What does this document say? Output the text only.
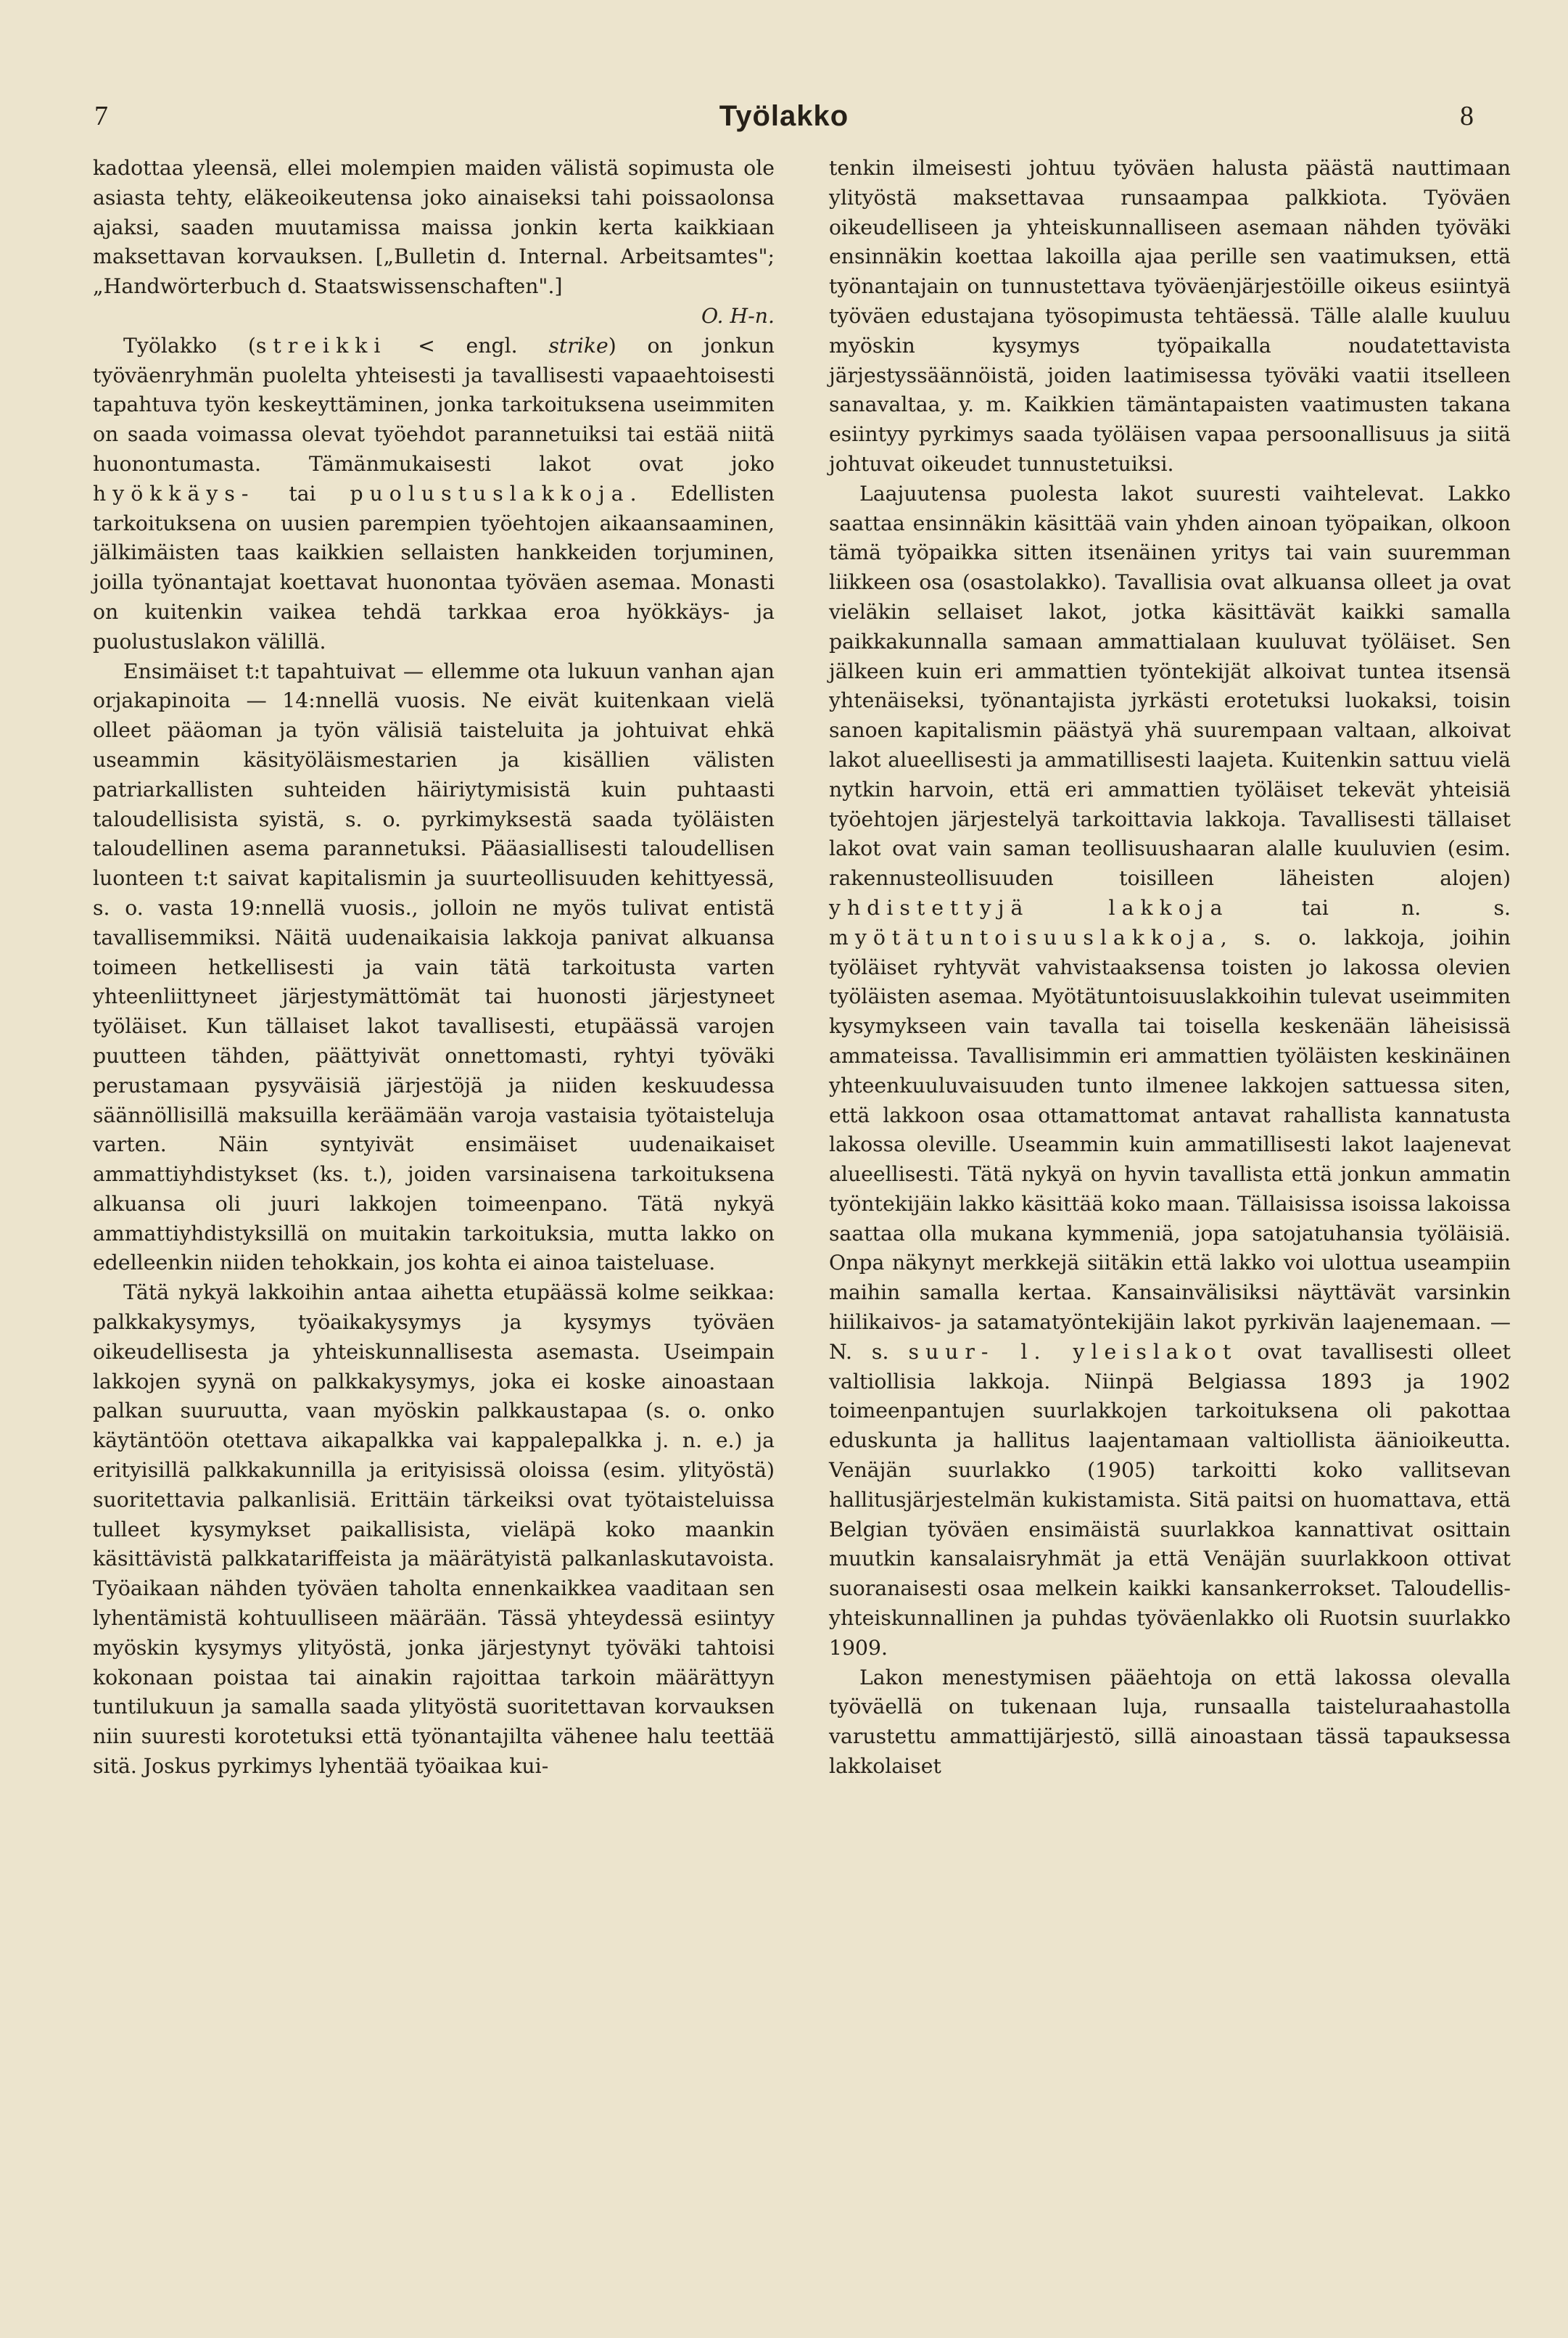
7	Työlakko	8

kadottaa yleensä, ellei molempien maiden välistä sopimusta ole asiasta tehty, eläkeoikeutensa joko ainaiseksi tahi poissaolonsa ajaksi, saaden muutamissa maissa jonkin kerta kaikkiaan maksettavan korvauksen. [„Bulletin d. Internal. Arbeitsamtes"; „Handwörterbuch d. Staatswissenschaften".]
O. H-n.

Työlakko (streikki < engl. strike) on jonkun työväenryhmän puolelta yhteisesti ja tavallisesti vapaaehtoisesti tapahtuva työn keskeyttäminen, jonka tarkoituksena useimmiten on saada voimassa olevat työehdot parannetuiksi tai estää niitä huonontumasta. Tämänmukaisesti lakot ovat joko hyökkäys- tai puolustuslakkoja. Edellisten tarkoituksena on uusien parempien työehtojen aikaansaaminen, jälkimäisten taas kaikkien sellaisten hankkeiden torjuminen, joilla työnantajat koettavat huonontaa työväen asemaa. Monasti on kuitenkin vaikea tehdä tarkkaa eroa hyökkäys- ja puolustuslakon välillä.

Ensimäiset t:t tapahtuivat — ellemme ota lukuun vanhan ajan orjakapinoita — 14:nnellä vuosis. Ne eivät kuitenkaan vielä olleet pääoman ja työn välisiä taisteluita ja johtuivat ehkä useammin käsityöläismestarien ja kisällien välisten patriarkallisten suhteiden häiriytymisistä kuin puhtaasti taloudellisista syistä, s. o. pyrkimyksestä saada työläisten taloudellinen asema parannetuksi. Pääasiallisesti taloudellisen luonteen t:t saivat kapitalismin ja suurteollisuuden kehittyessä, s. o. vasta 19:nnellä vuosis., jolloin ne myös tulivat entistä tavallisemmiksi. Näitä uudenaikaisia lakkoja panivat alkuansa toimeen hetkellisesti ja vain tätä tarkoitusta varten yhteenliittyneet järjestymättömät tai huonosti järjestyneet työläiset. Kun tällaiset lakot tavallisesti, etupäässä varojen puutteen tähden, päättyivät onnettomasti, ryhtyi työväki perustamaan pysyväisiä järjestöjä ja niiden keskuudessa säännöllisillä maksuilla keräämään varoja vastaisia työtaisteluja varten. Näin syntyivät ensimäiset uudenaikaiset ammattiyhdistykset (ks. t.), joiden varsinaisena tarkoituksena alkuansa oli juuri lakkojen toimeenpano. Tätä nykyä ammattiyhdistyksillä on muitakin tarkoituksia, mutta lakko on edelleenkin niiden tehokkain, jos kohta ei ainoa taisteluase.

Tätä nykyä lakkoihin antaa aihetta etupäässä kolme seikkaa: palkkakysymys, työaikakysymys ja kysymys työväen oikeudellisesta ja yhteiskunnallisesta asemasta. Useimpain lakkojen syynä on palkkakysymys, joka ei koske ainoastaan palkan suuruutta, vaan myöskin palkkaustapaa (s. o. onko käytäntöön otettava aikapalkka vai kappalepalkka j. n. e.) ja erityisillä palkkakunnilla ja erityisissä oloissa (esim. ylityöstä) suoritettavia palkanlisiä. Erittäin tärkeiksi ovat työtaisteluissa tulleet kysymykset paikallisista, vieläpä koko maankin käsittävistä palkkatariffeista ja määrätyistä palkanlaskutavoista. Työaikaan nähden työväen taholta ennenkaikkea vaaditaan sen lyhentämistä kohtuulliseen määrään. Tässä yhteydessä esiintyy myöskin kysymys ylityöstä, jonka järjestynyt työväki tahtoisi kokonaan poistaa tai ainakin rajoittaa tarkoin määrättyyn tuntilukuun ja samalla saada ylityöstä suoritettavan korvauksen niin suuresti korotetuksi että työnantajilta vähenee halu teettää sitä. Joskus pyrkimys lyhentää työaikaa kui-

tenkin ilmeisesti johtuu työväen halusta päästä nauttimaan ylityöstä maksettavaa runsaampaa palkkiota. Työväen oikeudelliseen ja yhteiskunnalliseen asemaan nähden työväki ensinnäkin koettaa lakoilla ajaa perille sen vaatimuksen, että työnantajain on tunnustettava työväenjärjestöille oikeus esiintyä työväen edustajana työsopimusta tehtäessä. Tälle alalle kuuluu myöskin kysymys työpaikalla noudatettavista järjestyssäännöistä, joiden laatimisessa työväki vaatii itselleen sanavaltaa, y. m. Kaikkien tämäntapaisten vaatimusten takana esiintyy pyrkimys saada työläisen vapaa persoonallisuus ja siitä johtuvat oikeudet tunnustetuiksi.

Laajuutensa puolesta lakot suuresti vaihtelevat. Lakko saattaa ensinnäkin käsittää vain yhden ainoan työpaikan, olkoon tämä työpaikka sitten itsenäinen yritys tai vain suuremman liikkeen osa (osastolakko). Tavallisia ovat alkuansa olleet ja ovat vieläkin sellaiset lakot, jotka käsittävät kaikki samalla paikkakunnalla samaan ammattialaan kuuluvat työläiset. Sen jälkeen kuin eri ammattien työntekijät alkoivat tuntea itsensä yhtenäiseksi, työnantajista jyrkästi erotetuksi luokaksi, toisin sanoen kapitalismin päästyä yhä suurempaan valtaan, alkoivat lakot alueellisesti ja ammatillisesti laajeta. Kuitenkin sattuu vielä nytkin harvoin, että eri ammattien työläiset tekevät yhteisiä työehtojen järjestelyä tarkoittavia lakkoja. Tavallisesti tällaiset lakot ovat vain saman teollisuushaaran alalle kuuluvien (esim. rakennusteollisuuden toisilleen läheisten alojen) yhdistettyjä lakkoja tai n. s. myötätuntoisuuslakkoja, s. o. lakkoja, joihin työläiset ryhtyvät vahvistaaksensa toisten jo lakossa olevien työläisten asemaa. Myötätuntoisuuslakkoihin tulevat useimmiten kysymykseen vain tavalla tai toisella keskenään läheisissä ammateissa. Tavallisimmin eri ammattien työläisten keskinäinen yhteenkuuluvaisuuden tunto ilmenee lakkojen sattuessa siten, että lakkoon osaa ottamattomat antavat rahallista kannatusta lakossa oleville. Useammin kuin ammatillisesti lakot laajenevat alueellisesti. Tätä nykyä on hyvin tavallista että jonkun ammatin työntekijäin lakko käsittää koko maan. Tällaisissa isoissa lakoissa saattaa olla mukana kymmeniä, jopa satojatuhansia työläisiä. Onpa näkynyt merkkejä siitäkin että lakko voi ulottua useampiin maihin samalla kertaa. Kansainvälisiksi näyttävät varsinkin hiilikaivos- ja satamatyöntekijäin lakot pyrkivän laajenemaan. — N. s. suur- l. yleislakot ovat tavallisesti olleet valtiollisia lakkoja. Niinpä Belgiassa 1893 ja 1902 toimeenpantujen suurlakkojen tarkoituksena oli pakottaa eduskunta ja hallitus laajentamaan valtiollista äänioikeutta. Venäjän suurlakko (1905) tarkoitti koko vallitsevan hallitusjärjestelmän kukistamista. Sitä paitsi on huomattava, että Belgian työväen ensimäistä suurlakkoa kannattivat osittain muutkin kansalaisryhmät ja että Venäjän suurlakkoon ottivat suoranaisesti osaa melkein kaikki kansankerrokset. Taloudellis-yhteiskunnallinen ja puhdas työväenlakko oli Ruotsin suurlakko 1909.

Lakon menestymisen pääehtoja on että lakossa olevalla työväellä on tukenaan luja, runsaalla taisteluraahastolla varustettu ammattijärjestö, sillä ainoastaan tässä tapauksessa lakkolaiset
